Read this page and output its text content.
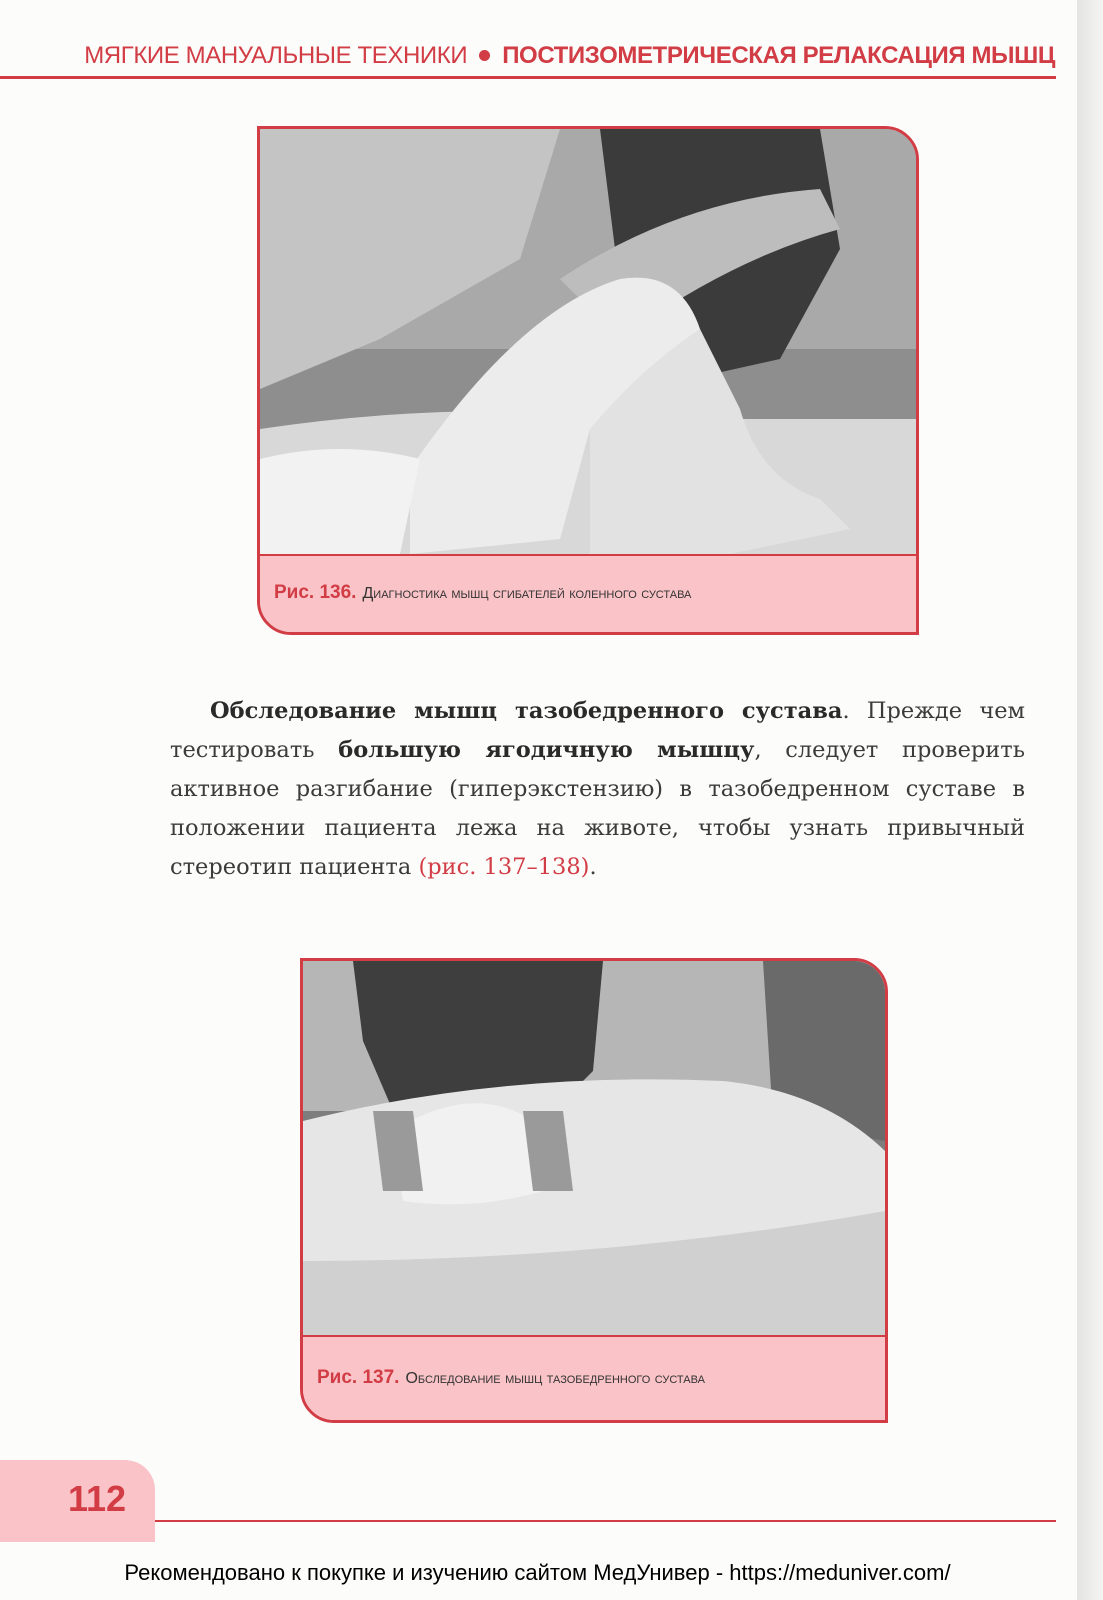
МЯГКИЕ МАНУАЛЬНЫЕ ТЕХНИКИ ПОСТИЗОМЕТРИЧЕСКАЯ РЕЛАКСАЦИЯ МЫШЦ
Рис. 136. Диагностика мышц сгибателей коленного сустава
Обследование мышц тазобедренного сустава. Прежде чем тестировать большую ягодичную мышцу, следует проверить активное разгибание (гиперэкстензию) в тазобедренном суставе в положении пациента лежа на животе, чтобы узнать привычный стереотип пациента (рис. 137–138).
Рис. 137. Обследование мышц тазобедренного сустава
112
Рекомендовано к покупке и изучению сайтом МедУнивер - https://meduniver.com/
